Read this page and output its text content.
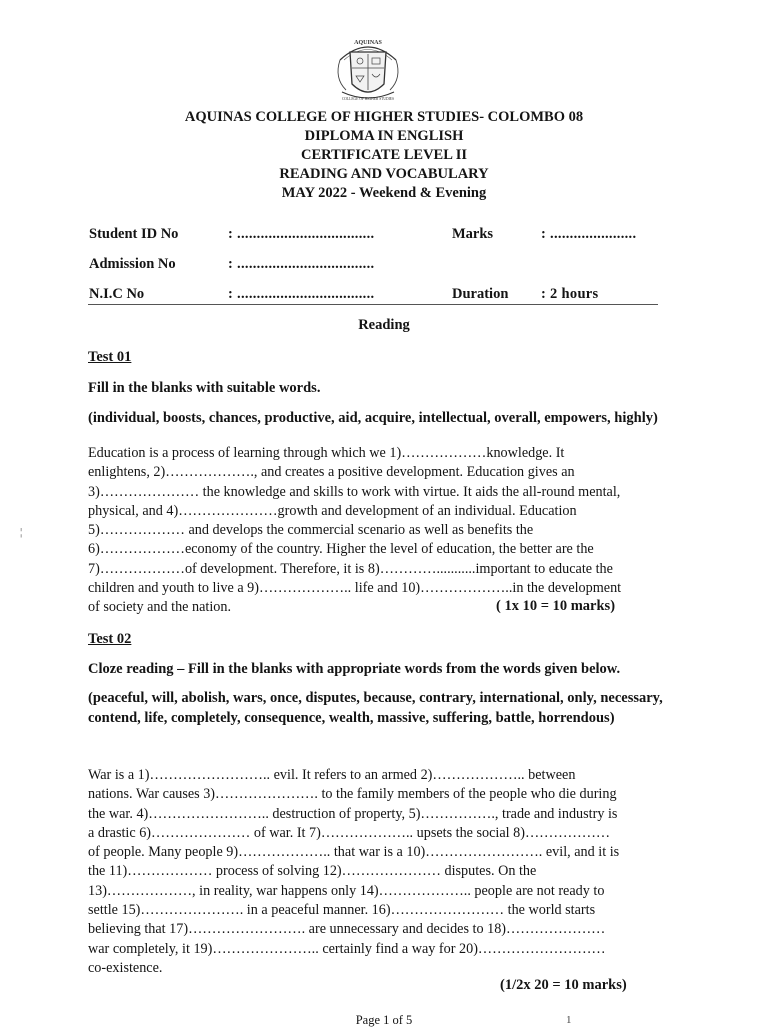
AQUINAS
COLLEGE OF HIGHER STUDIES
AQUINAS COLLEGE OF HIGHER STUDIES- COLOMBO 08
DIPLOMA IN ENGLISH
CERTIFICATE LEVEL II
READING AND VOCABULARY
MAY 2022 - Weekend & Evening
Student ID No	: ...................................	Marks	: ......................
Admission No	: ...................................
N.I.C No	: ...................................	Duration : 2 hours
Reading
Test 01
Fill in the blanks with suitable words.
(individual, boosts, chances, productive, aid, acquire, intellectual, overall, empowers, highly)
Education is a process of learning through which we 1)………………knowledge. It
enlightens, 2)………………., and creates a positive development. Education gives an
3)………………… the knowledge and skills to work with virtue. It aids the all-round mental,
physical, and 4)…………………growth and development of an individual. Education
5)……………… and develops the commercial scenario as well as benefits the
6)………………economy of the country. Higher the level of education, the better are the
7)………………of development. Therefore, it is 8)…………...........important to educate the
children and youth to live a 9)……………….. life and 10)………………..in the development
of society and the nation.	( 1x 10 = 10 marks)
Test 02
Cloze reading – Fill in the blanks with appropriate words from the words given below.
(peaceful, will, abolish, wars, once, disputes, because, contrary, international, only, necessary, contend, life, completely, consequence, wealth, massive, suffering, battle, horrendous)
War is a 1)…………………….. evil. It refers to an armed 2)……………….. between
nations. War causes 3)…………………. to the family members of the people who die during
the war. 4)…………………….. destruction of property, 5)……………., trade and industry is
a drastic 6)………………… of war. It 7)……………….. upsets the social 8)………………
of people. Many people 9)……………….. that war is a 10)……………………. evil, and it is
the 11)……………… process of solving 12)………………… disputes. On the
13)………………, in reality, war happens only 14)……………….. people are not ready to
settle 15)…………………. in a peaceful manner. 16)…………………… the world starts
believing that 17)……………………. are unnecessary and decides to 18)…………………
war completely, it 19)………………….. certainly find a way for 20)………………………
co-existence.
(1/2x 20 = 10 marks)
Page 1 of 5	1
¦
